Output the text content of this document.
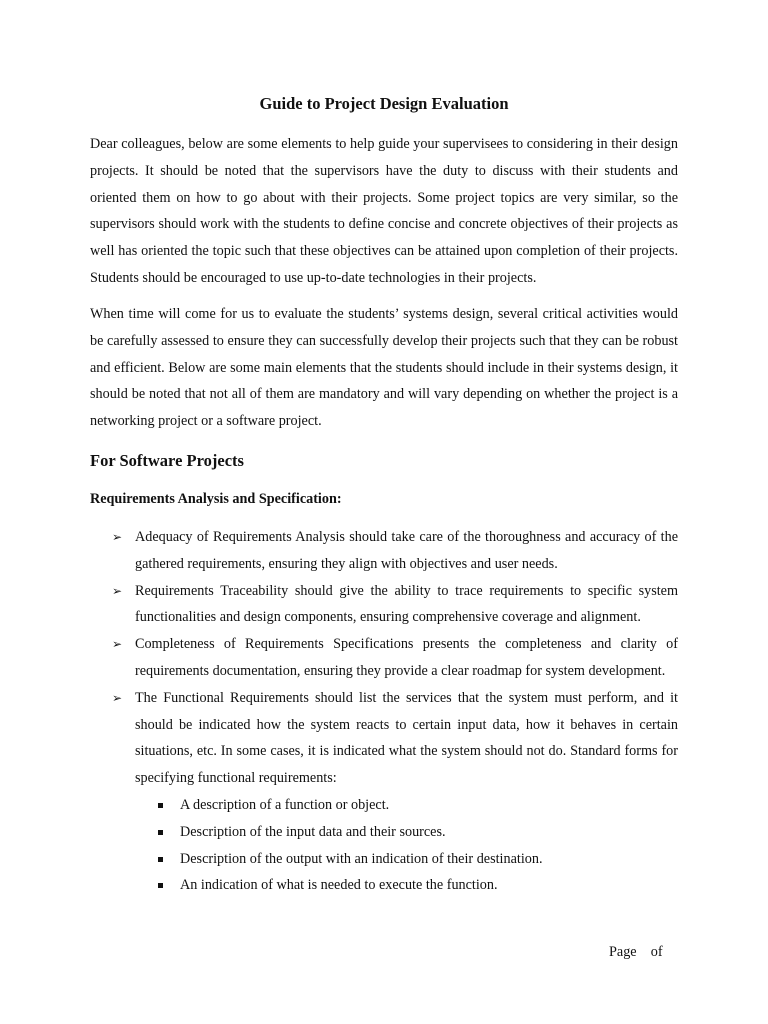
Guide to Project Design Evaluation

Dear colleagues, below are some elements to help guide your supervisees to considering in their design projects. It should be noted that the supervisors have the duty to discuss with their students and oriented them on how to go about with their projects. Some project topics are very similar, so the supervisors should work with the students to define concise and concrete objectives of their projects as well has oriented the topic such that these objectives can be attained upon completion of their projects. Students should be encouraged to use up-to-date technologies in their projects.

When time will come for us to evaluate the students’ systems design, several critical activities would be carefully assessed to ensure they can successfully develop their projects such that they can be robust and efficient. Below are some main elements that the students should include in their systems design, it should be noted that not all of them are mandatory and will vary depending on whether the project is a networking project or a software project.

For Software Projects
Requirements Analysis and Specification:
➢ Adequacy of Requirements Analysis should take care of the thoroughness and accuracy of the gathered requirements, ensuring they align with objectives and user needs.
➢ Requirements Traceability should give the ability to trace requirements to specific system functionalities and design components, ensuring comprehensive coverage and alignment.
➢ Completeness of Requirements Specifications presents the completeness and clarity of requirements documentation, ensuring they provide a clear roadmap for system development.
➢ The Functional Requirements should list the services that the system must perform, and it should be indicated how the system reacts to certain input data, how it behaves in certain situations, etc. In some cases, it is indicated what the system should not do. Standard forms for specifying functional requirements:
A description of a function or object.
Description of the input data and their sources.
Description of the output with an indication of their destination.
An indication of what is needed to execute the function.
Page of
